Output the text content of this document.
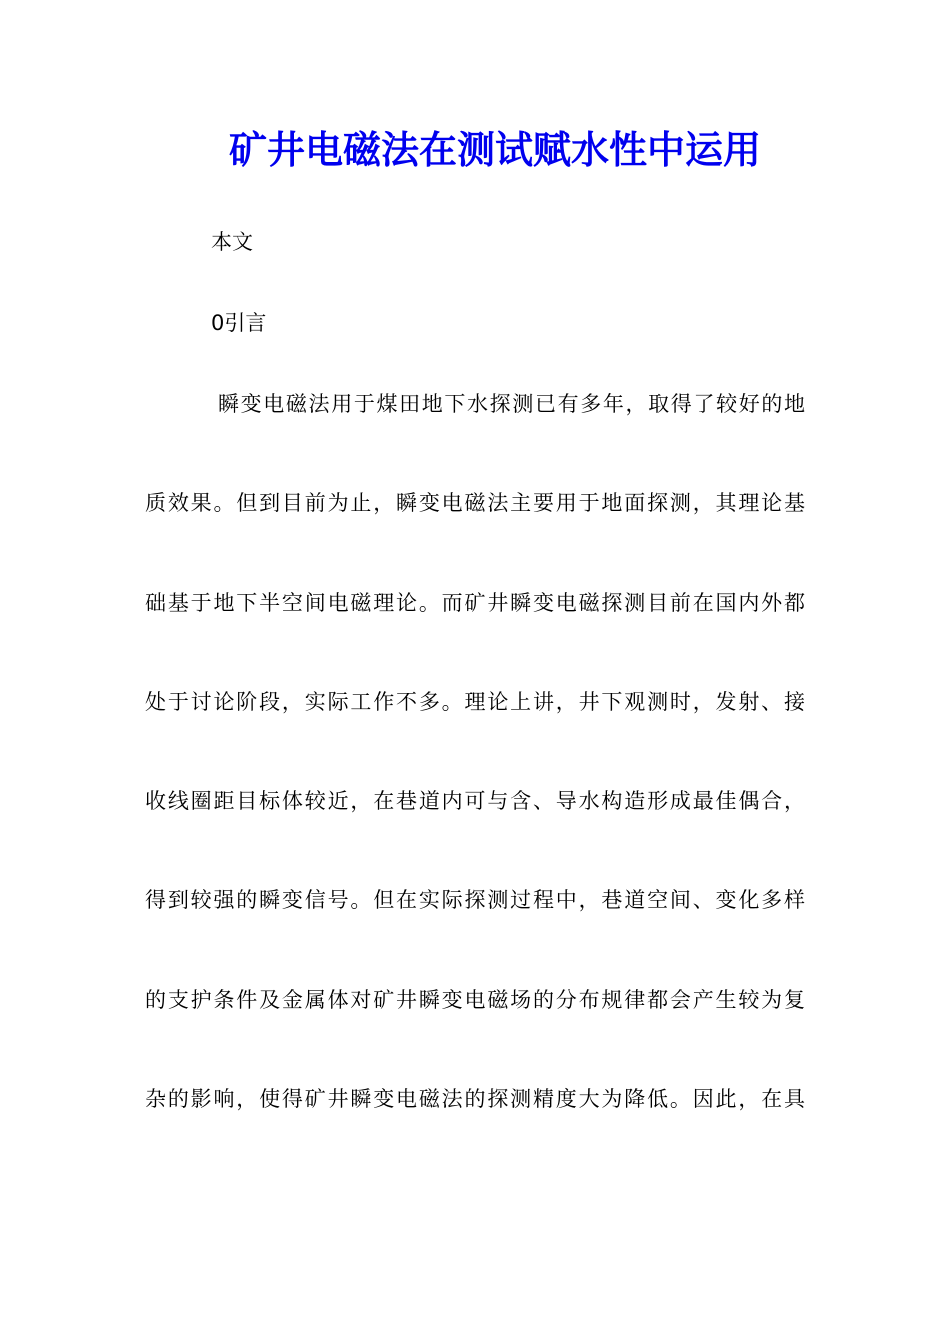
矿井电磁法在测试赋水性中运用

本文

0引言

瞬变电磁法用于煤田地下水探测已有多年，取得了较好的地

质效果。但到目前为止，瞬变电磁法主要用于地面探测，其理论基

础基于地下半空间电磁理论。而矿井瞬变电磁探测目前在国内外都

处于讨论阶段，实际工作不多。理论上讲，井下观测时，发射、接

收线圈距目标体较近，在巷道内可与含、导水构造形成最佳偶合，

得到较强的瞬变信号。但在实际探测过程中，巷道空间、变化多样

的支护条件及金属体对矿井瞬变电磁场的分布规律都会产生较为复

杂的影响，使得矿井瞬变电磁法的探测精度大为降低。因此，在具
